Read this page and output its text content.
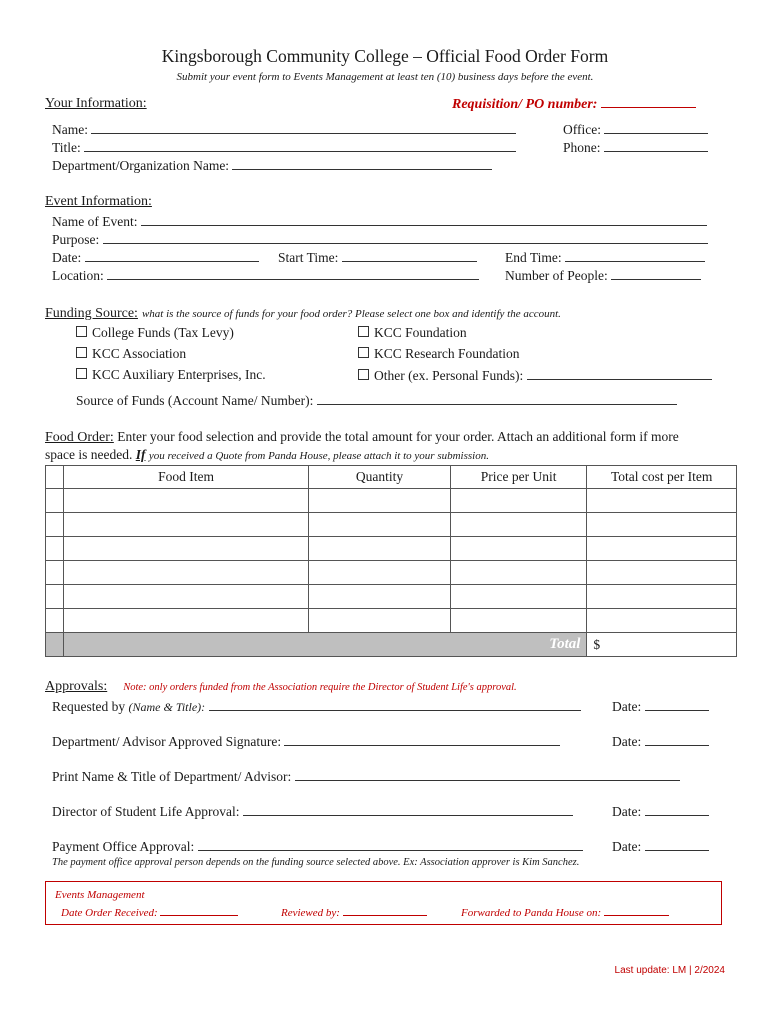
Kingsborough Community College – Official Food Order Form
Submit your event form to Events Management at least ten (10) business days before the event.
Your Information:	Requisition/ PO number:
Name:
Title:
Department/Organization Name:
Office:
Phone:
Event Information:
Name of Event:
Purpose:
Date:	Start Time:	End Time:
Location:	Number of People:
Funding Source: what is the source of funds for your food order? Please select one box and identify the account.
College Funds (Tax Levy)	KCC Foundation
KCC Association	KCC Research Foundation
KCC Auxiliary Enterprises, Inc.	Other (ex. Personal Funds):
Source of Funds (Account Name/ Number):
Food Order: Enter your food selection and provide the total amount for your order. Attach an additional form if more
space is needed. If you received a Quote from Panda House, please attach it to your submission.
	Food Item	Quantity	Price per Unit	Total cost per Item

	Total			$
Approvals: Note: only orders funded from the Association require the Director of Student Life's approval.
Requested by (Name & Title):	Date:
Department/ Advisor Approved Signature:	Date:
Print Name & Title of Department/ Advisor:
Director of Student Life Approval:	Date:
Payment Office Approval:	Date:
The payment office approval person depends on the funding source selected above. Ex: Association approver is Kim Sanchez.
Events Management
Date Order Received:	Reviewed by:	Forwarded to Panda House on:
Last update: LM | 2/2024
